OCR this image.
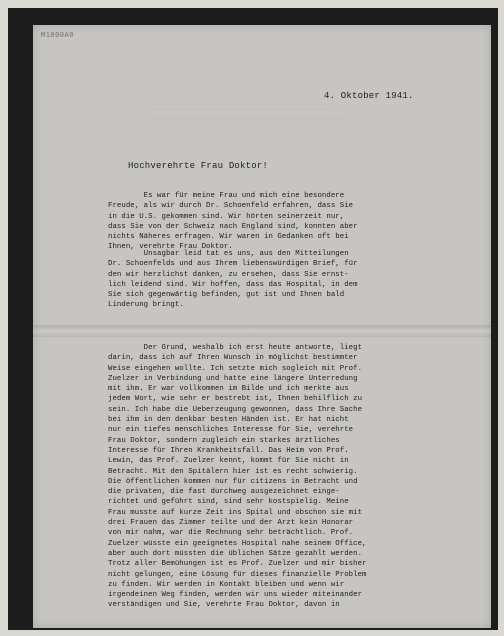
M1000A0
4. Oktober 1941.
Hochverehrte Frau Doktor!

Es war für meine Frau und mich eine besondere

Freude, als wir durch Dr. Schoenfeld erfahren, dass Sie

in die U.S. gekommen sind. Wir hörten seinerzeit nur,

dass Sie von der Schweiz nach England sind, konnten aber

nichts Näheres erfragen. Wir waren in Gedanken oft bei

Ihnen, verehrte Frau Doktor.

Unsagbar leid tat es uns, aus den Mitteilungen

Dr. Schoenfelds und aus Ihrem liebenswürdigen Brief, für

den wir herzlichst danken, zu ersehen, dass Sie ernst-

lich leidend sind. Wir hoffen, dass das Hospital, in dem

Sie sich gegenwärtig befinden, gut ist und Ihnen bald

Linderung bringt.

Der Grund, weshalb ich erst heute antworte, liegt

darin, dass ich auf Ihren Wunsch in möglichst bestimmter

Weise eingehen wollte. Ich setzte mich sogleich mit Prof.

Zuelzer in Verbindung und hatte eine längere Unterredung

mit ihm. Er war vollkommen im Bilde und ich merkte aus

jedem Wort, wie sehr er bestrebt ist, Ihnen behilflich zu

sein. Ich habe die Ueberzeugung gewonnen, dass Ihre Sache

bei ihm in den denkbar besten Händen ist. Er hat nicht

nur ein tiefes menschliches Interesse für Sie, verehrte

Frau Doktor, sondern zugleich ein starkes ärztliches

Interesse für Ihren Krankheitsfall. Das Heim von Prof.

Lewin, das Prof. Zuelzer kennt, kommt für Sie nicht in

Betracht. Mit den Spitälern hier ist es recht schwierig.

Die öffentlichen kommen nur für citizens in Betracht und

die privaten, die fast durchweg ausgezeichnet einge-

richtet und geführt sind, sind sehr kostspielig. Meine

Frau musste auf kurze Zeit ins Spital und obschon sie mit

drei Frauen das Zimmer teilte und der Arzt kein Honorar

von mir nahm, war die Rechnung sehr beträchtlich. Prof.

Zuelzer wüsste ein geeignetes Hospital nahe seinem Office,

aber auch dort müssten die üblichen Sätze gezahlt werden.

Trotz aller Bemühungen ist es Prof. Zuelzer und mir bisher

nicht gelungen, eine Lösung für dieses finanzielle Problem

zu finden. Wir werden in Kontakt bleiben und wenn wir

irgendeinen Weg finden, werden wir uns wieder miteinander

verständigen und Sie, verehrte Frau Doktor, davon in
